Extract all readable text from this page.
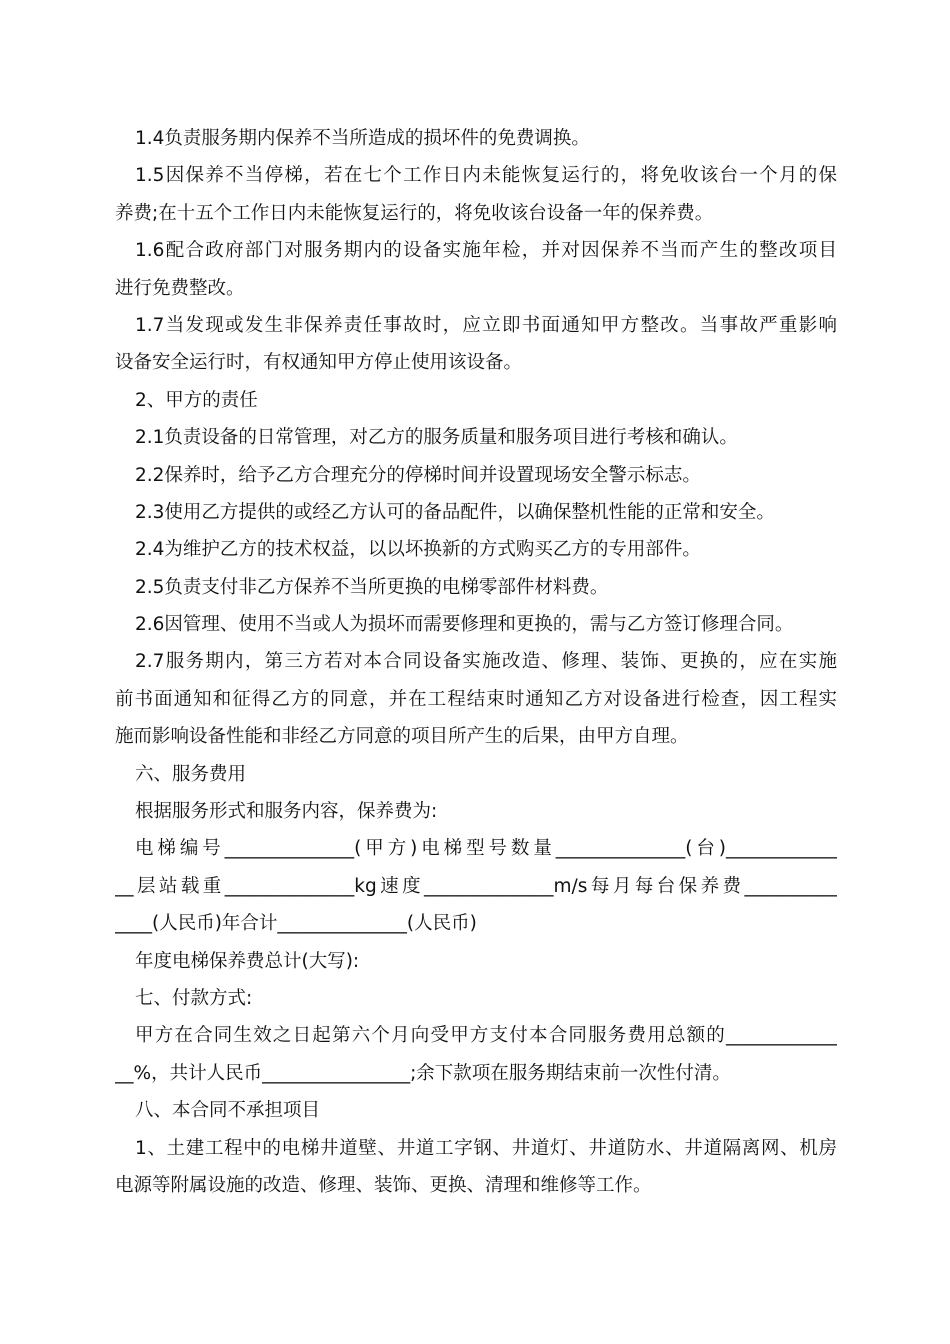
1.4负责服务期内保养不当所造成的损坏件的免费调换。
1.5因保养不当停梯，若在七个工作日内未能恢复运行的，将免收该台一个月的保
养费;在十五个工作日内未能恢复运行的，将免收该台设备一年的保养费。
1.6配合政府部门对服务期内的设备实施年检，并对因保养不当而产生的整改项目
进行免费整改。
1.7当发现或发生非保养责任事故时，应立即书面通知甲方整改。当事故严重影响
设备安全运行时，有权通知甲方停止使用该设备。
2、甲方的责任
2.1负责设备的日常管理，对乙方的服务质量和服务项目进行考核和确认。
2.2保养时，给予乙方合理充分的停梯时间并设置现场安全警示标志。
2.3使用乙方提供的或经乙方认可的备品配件，以确保整机性能的正常和安全。
2.4为维护乙方的技术权益，以以坏换新的方式购买乙方的专用部件。
2.5负责支付非乙方保养不当所更换的电梯零部件材料费。
2.6因管理、使用不当或人为损坏而需要修理和更换的，需与乙方签订修理合同。
2.7服务期内，第三方若对本合同设备实施改造、修理、装饰、更换的，应在实施
前书面通知和征得乙方的同意，并在工程结束时通知乙方对设备进行检查，因工程实
施而影响设备性能和非经乙方同意的项目所产生的后果，由甲方自理。
六、服务费用
根据服务形式和服务内容，保养费为:
电梯编号______________(甲方)电梯型号数量______________(台)____________
__层站载重______________kg速度______________m/s每月每台保养费__________
____(人民币)年合计______________(人民币)
年度电梯保养费总计(大写):
七、付款方式:
甲方在合同生效之日起第六个月向受甲方支付本合同服务费用总额的____________
__%，共计人民币________________;余下款项在服务期结束前一次性付清。
八、本合同不承担项目
1、土建工程中的电梯井道壁、井道工字钢、井道灯、井道防水、井道隔离网、机房
电源等附属设施的改造、修理、装饰、更换、清理和维修等工作。
